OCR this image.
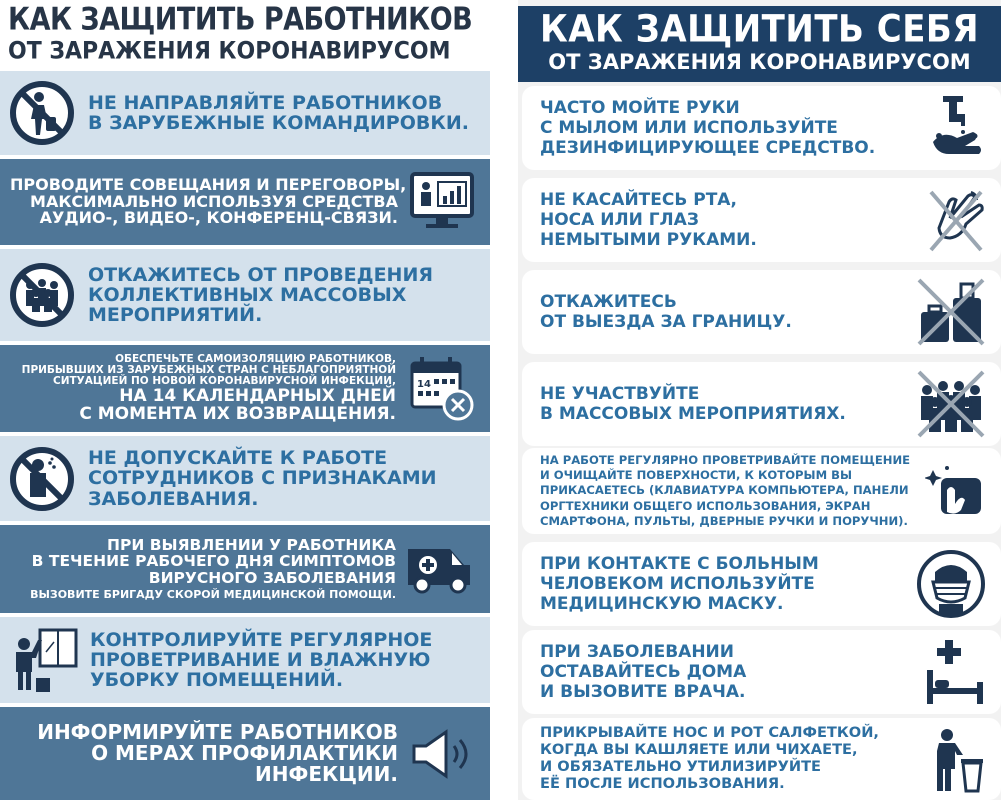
КАК ЗАЩИТИТЬ РАБОТНИКОВ
ОТ ЗАРАЖЕНИЯ КОРОНАВИРУСОМ
НЕ НАПРАВЛЯЙТЕ РАБОТНИКОВ
В ЗАРУБЕЖНЫЕ КОМАНДИРОВКИ.
ПРОВОДИТЕ СОВЕЩАНИЯ И ПЕРЕГОВОРЫ,
МАКСИМАЛЬНО ИСПОЛЬЗУЯ СРЕДСТВА
АУДИО-, ВИДЕО-, КОНФЕРЕНЦ-СВЯЗИ.
ОТКАЖИТЕСЬ ОТ ПРОВЕДЕНИЯ
КОЛЛЕКТИВНЫХ МАССОВЫХ
МЕРОПРИЯТИЙ.
ОБЕСПЕЧЬТЕ САМОИЗОЛЯЦИЮ РАБОТНИКОВ,
ПРИБЫВШИХ ИЗ ЗАРУБЕЖНЫХ СТРАН С НЕБЛАГОПРИЯТНОЙ
СИТУАЦИЕЙ ПО НОВОЙ КОРОНАВИРУСНОЙ ИНФЕКЦИИ,
НА 14 КАЛЕНДАРНЫХ ДНЕЙ
С МОМЕНТА ИХ ВОЗВРАЩЕНИЯ.
14
НЕ ДОПУСКАЙТЕ К РАБОТЕ
СОТРУДНИКОВ С ПРИЗНАКАМИ
ЗАБОЛЕВАНИЯ.
ПРИ ВЫЯВЛЕНИИ У РАБОТНИКА
В ТЕЧЕНИЕ РАБОЧЕГО ДНЯ СИМПТОМОВ
ВИРУСНОГО ЗАБОЛЕВАНИЯ
ВЫЗОВИТЕ БРИГАДУ СКОРОЙ МЕДИЦИНСКОЙ ПОМОЩИ.
КОНТРОЛИРУЙТЕ РЕГУЛЯРНОЕ
ПРОВЕТРИВАНИЕ И ВЛАЖНУЮ
УБОРКУ ПОМЕЩЕНИЙ.
ИНФОРМИРУЙТЕ РАБОТНИКОВ
О МЕРАХ ПРОФИЛАКТИКИ
ИНФЕКЦИИ.
КАК ЗАЩИТИТЬ СЕБЯ
ОТ ЗАРАЖЕНИЯ КОРОНАВИРУСОМ
ЧАСТО МОЙТЕ РУКИ
С МЫЛОМ ИЛИ ИСПОЛЬЗУЙТЕ
ДЕЗИНФИЦИРУЮЩЕЕ СРЕДСТВО.
НЕ КАСАЙТЕСЬ РТА,
НОСА ИЛИ ГЛАЗ
НЕМЫТЫМИ РУКАМИ.
ОТКАЖИТЕСЬ
ОТ ВЫЕЗДА ЗА ГРАНИЦУ.
НЕ УЧАСТВУЙТЕ
В МАССОВЫХ МЕРОПРИЯТИЯХ.
НА РАБОТЕ РЕГУЛЯРНО ПРОВЕТРИВАЙТЕ ПОМЕЩЕНИЕ
И ОЧИЩАЙТЕ ПОВЕРХНОСТИ, К КОТОРЫМ ВЫ
ПРИКАСАЕТЕСЬ (КЛАВИАТУРА КОМПЬЮТЕРА, ПАНЕЛИ
ОРГТЕХНИКИ ОБЩЕГО ИСПОЛЬЗОВАНИЯ, ЭКРАН
СМАРТФОНА, ПУЛЬТЫ, ДВЕРНЫЕ РУЧКИ И ПОРУЧНИ).
ПРИ КОНТАКТЕ С БОЛЬНЫМ
ЧЕЛОВЕКОМ ИСПОЛЬЗУЙТЕ
МЕДИЦИНСКУЮ МАСКУ.
ПРИ ЗАБОЛЕВАНИИ
ОСТАВАЙТЕСЬ ДОМА
И ВЫЗОВИТЕ ВРАЧА.
ПРИКРЫВАЙТЕ НОС И РОТ САЛФЕТКОЙ,
КОГДА ВЫ КАШЛЯЕТЕ ИЛИ ЧИХАЕТЕ,
И ОБЯЗАТЕЛЬНО УТИЛИЗИРУЙТЕ
ЕЁ ПОСЛЕ ИСПОЛЬЗОВАНИЯ.
